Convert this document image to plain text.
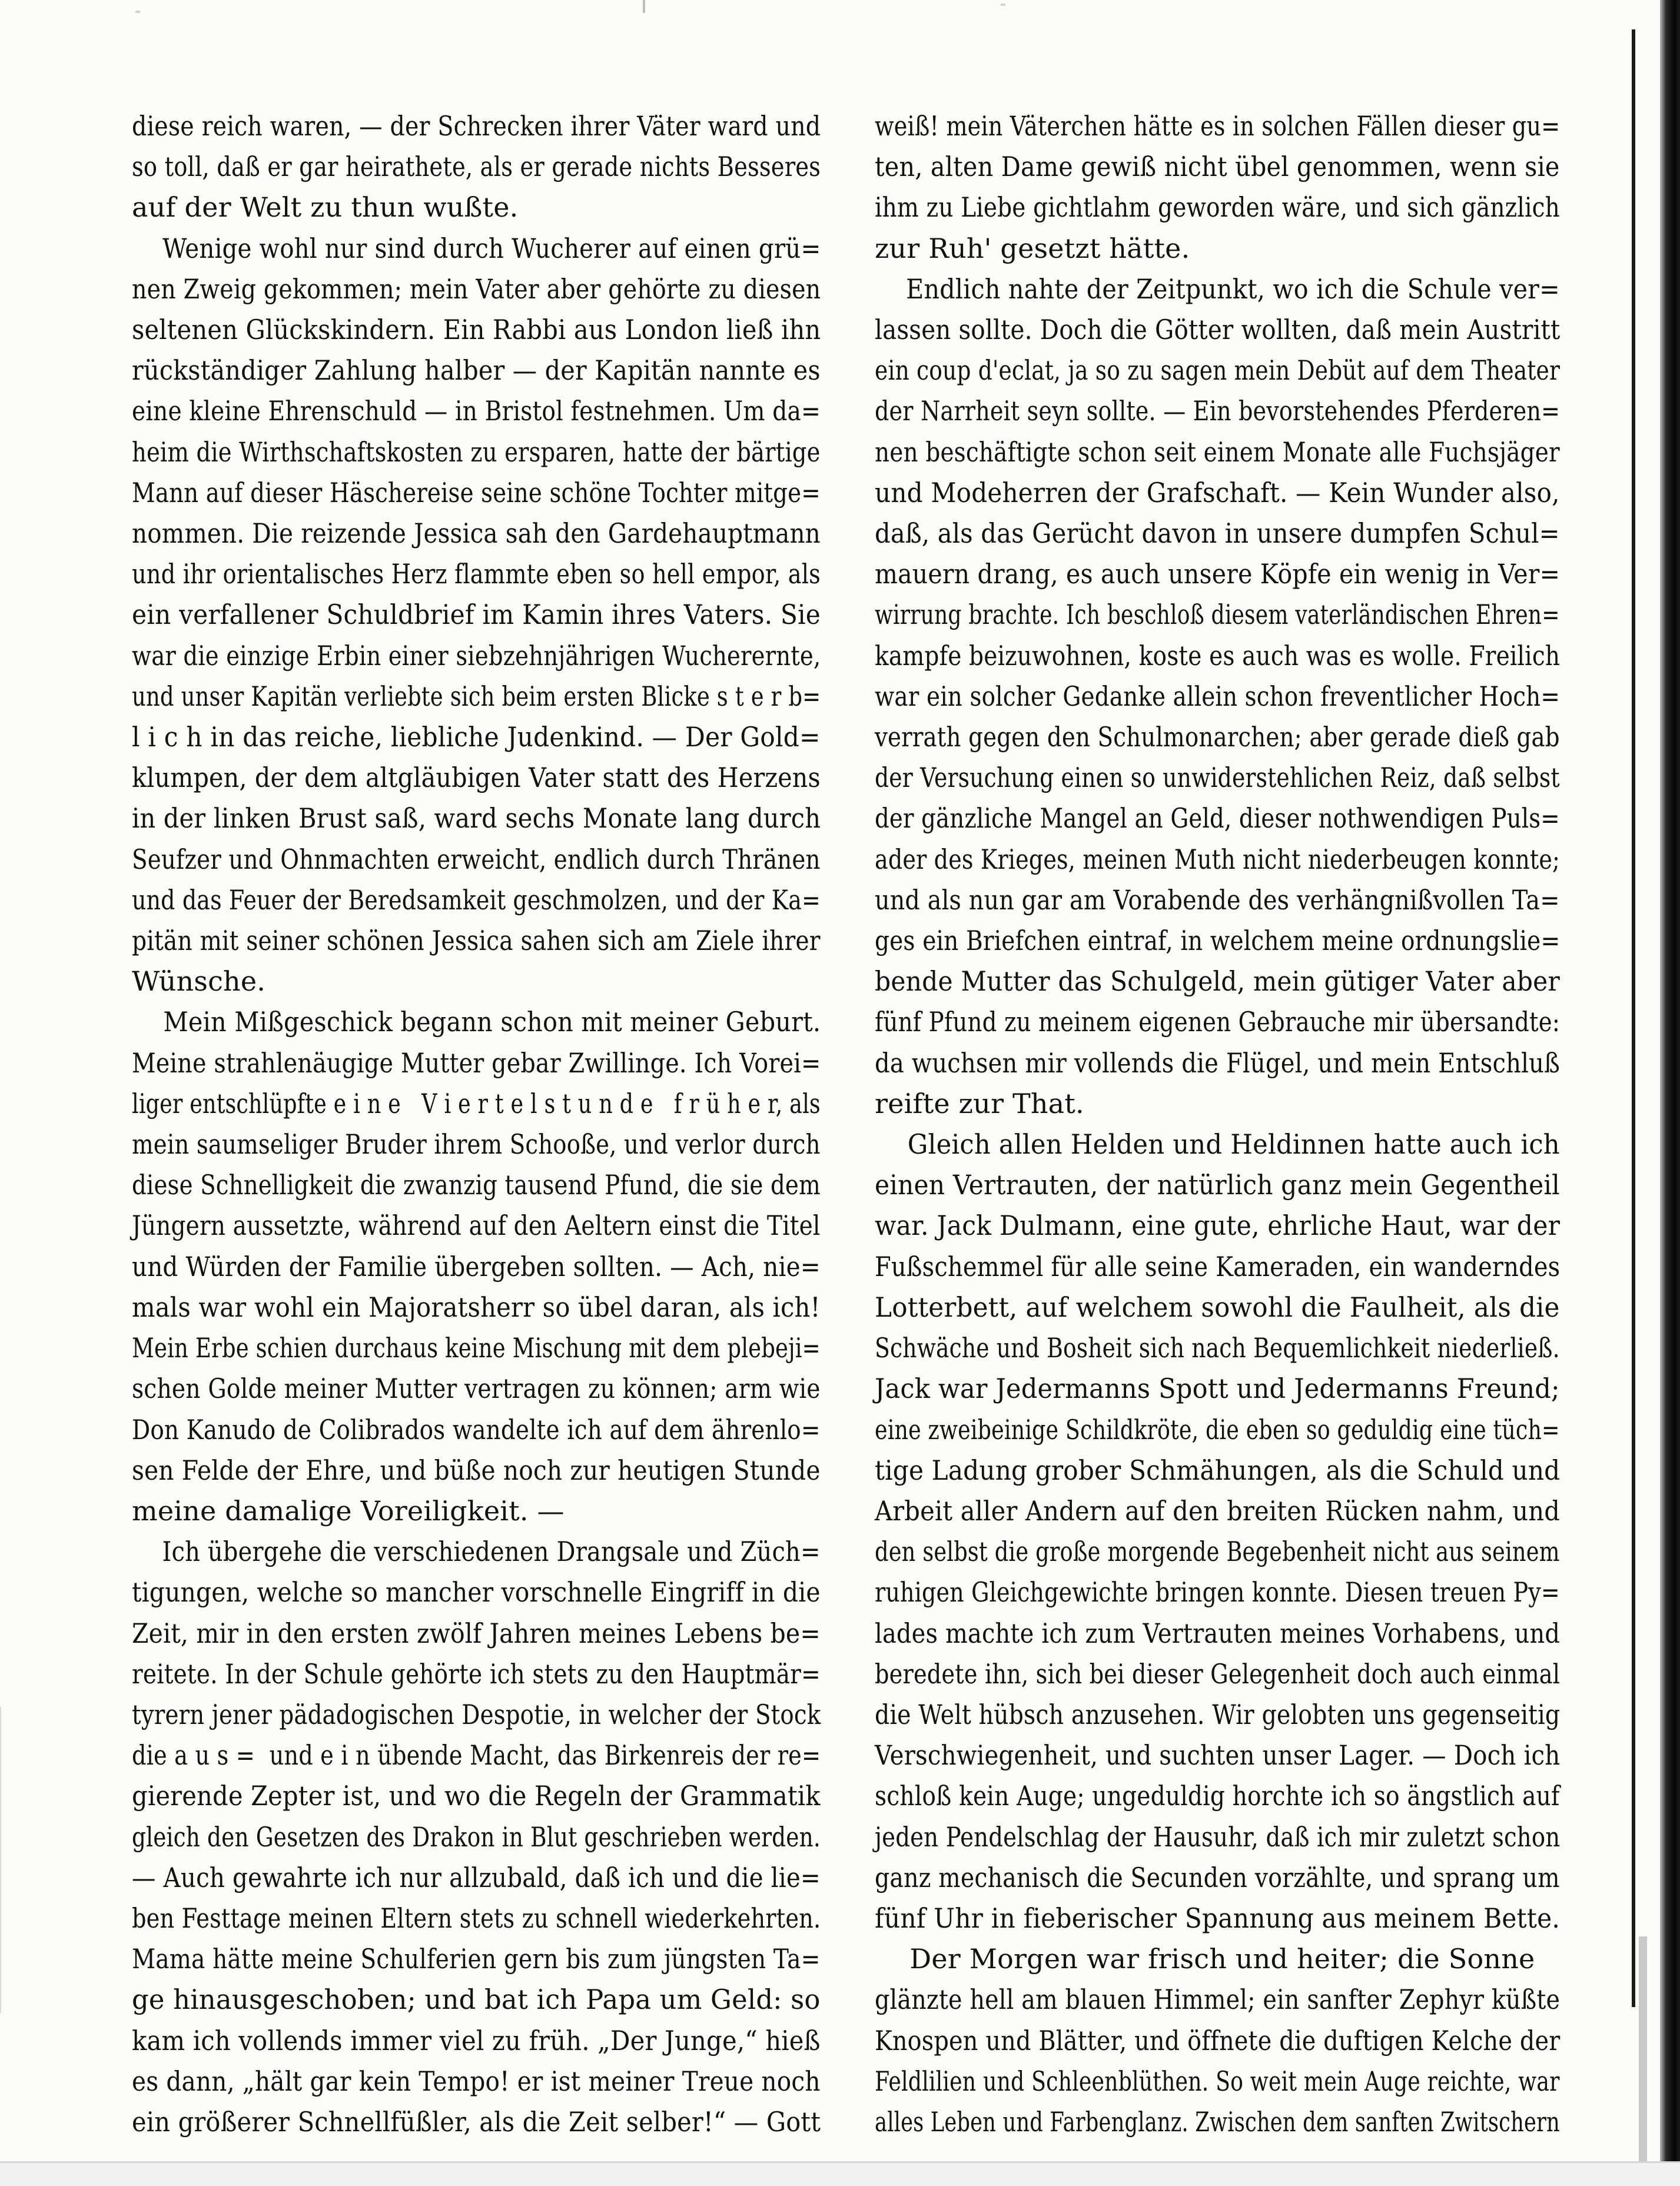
diese reich waren, — der Schrecken ihrer Väter ward und

so toll, daß er gar heirathete, als er gerade nichts Besseres

auf der Welt zu thun wußte.

Wenige wohl nur sind durch Wucherer auf einen grü=

nen Zweig gekommen; mein Vater aber gehörte zu diesen

seltenen Glückskindern. Ein Rabbi aus London ließ ihn

rückständiger Zahlung halber — der Kapitän nannte es

eine kleine Ehrenschuld — in Bristol festnehmen. Um da=

heim die Wirthschaftskosten zu ersparen, hatte der bärtige

Mann auf dieser Häschereise seine schöne Tochter mitge=

nommen. Die reizende Jessica sah den Gardehauptmann

und ihr orientalisches Herz flammte eben so hell empor, als

ein verfallener Schuldbrief im Kamin ihres Vaters. Sie

war die einzige Erbin einer siebzehnjährigen Wucherernte,

und unser Kapitän verliebte sich beim ersten Blicke s t e r b=

l i c h in das reiche, liebliche Judenkind. — Der Gold=

klumpen, der dem altgläubigen Vater statt des Herzens

in der linken Brust saß, ward sechs Monate lang durch

Seufzer und Ohnmachten erweicht, endlich durch Thränen

und das Feuer der Beredsamkeit geschmolzen, und der Ka=

pitän mit seiner schönen Jessica sahen sich am Ziele ihrer

Wünsche.

Mein Mißgeschick begann schon mit meiner Geburt.

Meine strahlenäugige Mutter gebar Zwillinge. Ich Vorei=

liger entschlüpfte e i n e   V i e r t e l s t u n d e   f r ü h e r, als

mein saumseliger Bruder ihrem Schooße, und verlor durch

diese Schnelligkeit die zwanzig tausend Pfund, die sie dem

Jüngern aussetzte, während auf den Aeltern einst die Titel

und Würden der Familie übergeben sollten. — Ach, nie=

mals war wohl ein Majoratsherr so übel daran, als ich!

Mein Erbe schien durchaus keine Mischung mit dem plebeji=

schen Golde meiner Mutter vertragen zu können; arm wie

Don Kanudo de Colibrados wandelte ich auf dem ährenlo=

sen Felde der Ehre, und büße noch zur heutigen Stunde

meine damalige Voreiligkeit. —

Ich übergehe die verschiedenen Drangsale und Züch=

tigungen, welche so mancher vorschnelle Eingriff in die

Zeit, mir in den ersten zwölf Jahren meines Lebens be=

reitete. In der Schule gehörte ich stets zu den Hauptmär=

tyrern jener pädadogischen Despotie, in welcher der Stock

die a u s =  und e i n übende Macht, das Birkenreis der re=

gierende Zepter ist, und wo die Regeln der Grammatik

gleich den Gesetzen des Drakon in Blut geschrieben werden.

— Auch gewahrte ich nur allzubald, daß ich und die lie=

ben Festtage meinen Eltern stets zu schnell wiederkehrten.

Mama hätte meine Schulferien gern bis zum jüngsten Ta=

ge hinausgeschoben; und bat ich Papa um Geld: so

kam ich vollends immer viel zu früh. „Der Junge,“ hieß

es dann, „hält gar kein Tempo! er ist meiner Treue noch

ein größerer Schnellfüßler, als die Zeit selber!“ — Gott

weiß! mein Väterchen hätte es in solchen Fällen dieser gu=

ten, alten Dame gewiß nicht übel genommen, wenn sie

ihm zu Liebe gichtlahm geworden wäre, und sich gänzlich

zur Ruh' gesetzt hätte.

Endlich nahte der Zeitpunkt, wo ich die Schule ver=

lassen sollte. Doch die Götter wollten, daß mein Austritt

ein coup d'eclat, ja so zu sagen mein Debüt auf dem Theater

der Narrheit seyn sollte. — Ein bevorstehendes Pferderen=

nen beschäftigte schon seit einem Monate alle Fuchsjäger

und Modeherren der Grafschaft. — Kein Wunder also,

daß, als das Gerücht davon in unsere dumpfen Schul=

mauern drang, es auch unsere Köpfe ein wenig in Ver=

wirrung brachte. Ich beschloß diesem vaterländischen Ehren=

kampfe beizuwohnen, koste es auch was es wolle. Freilich

war ein solcher Gedanke allein schon freventlicher Hoch=

verrath gegen den Schulmonarchen; aber gerade dieß gab

der Versuchung einen so unwiderstehlichen Reiz, daß selbst

der gänzliche Mangel an Geld, dieser nothwendigen Puls=

ader des Krieges, meinen Muth nicht niederbeugen konnte;

und als nun gar am Vorabende des verhängnißvollen Ta=

ges ein Briefchen eintraf, in welchem meine ordnungslie=

bende Mutter das Schulgeld, mein gütiger Vater aber

fünf Pfund zu meinem eigenen Gebrauche mir übersandte:

da wuchsen mir vollends die Flügel, und mein Entschluß

reifte zur That.

Gleich allen Helden und Heldinnen hatte auch ich

einen Vertrauten, der natürlich ganz mein Gegentheil

war. Jack Dulmann, eine gute, ehrliche Haut, war der

Fußschemmel für alle seine Kameraden, ein wanderndes

Lotterbett, auf welchem sowohl die Faulheit, als die

Schwäche und Bosheit sich nach Bequemlichkeit niederließ.

Jack war Jedermanns Spott und Jedermanns Freund;

eine zweibeinige Schildkröte, die eben so geduldig eine tüch=

tige Ladung grober Schmähungen, als die Schuld und

Arbeit aller Andern auf den breiten Rücken nahm, und

den selbst die große morgende Begebenheit nicht aus seinem

ruhigen Gleichgewichte bringen konnte. Diesen treuen Py=

lades machte ich zum Vertrauten meines Vorhabens, und

beredete ihn, sich bei dieser Gelegenheit doch auch einmal

die Welt hübsch anzusehen. Wir gelobten uns gegenseitig

Verschwiegenheit, und suchten unser Lager. — Doch ich

schloß kein Auge; ungeduldig horchte ich so ängstlich auf

jeden Pendelschlag der Hausuhr, daß ich mir zuletzt schon

ganz mechanisch die Secunden vorzählte, und sprang um

fünf Uhr in fieberischer Spannung aus meinem Bette.

Der Morgen war frisch und heiter; die Sonne

glänzte hell am blauen Himmel; ein sanfter Zephyr küßte

Knospen und Blätter, und öffnete die duftigen Kelche der

Feldlilien und Schleenblüthen. So weit mein Auge reichte, war

alles Leben und Farbenglanz. Zwischen dem sanften Zwitschern
